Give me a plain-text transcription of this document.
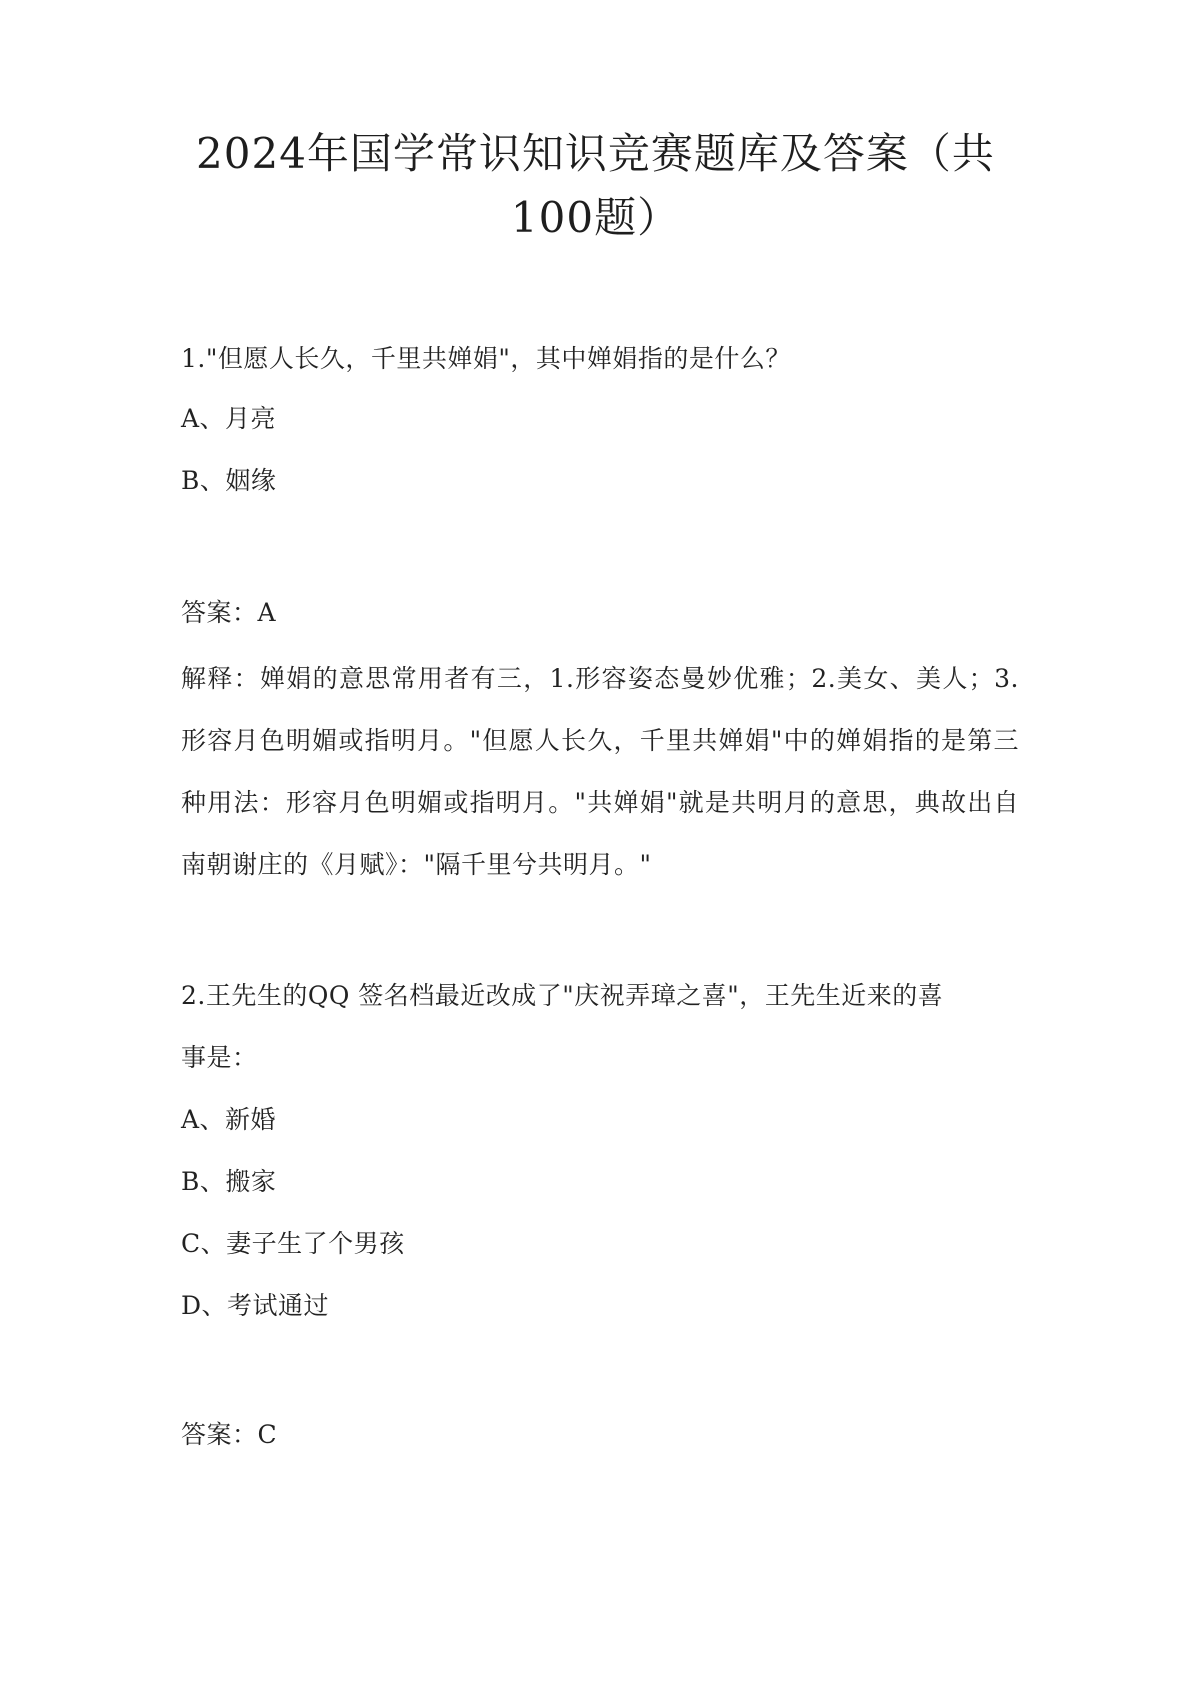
2024年国学常识知识竞赛题库及答案（共
100题）

1."但愿人长久，千里共婵娟"，其中婵娟指的是什么？

A、月亮

B、姻缘

答案：A

解释：婵娟的意思常用者有三，1.形容姿态曼妙优雅；2.美女、美人；3.形容月色明媚或指明月。"但愿人长久，千里共婵娟"中的婵娟指的是第三种用法：形容月色明媚或指明月。"共婵娟"就是共明月的意思，典故出自南朝谢庄的《月赋》："隔千里兮共明月。"

2.王先生的QQ 签名档最近改成了"庆祝弄璋之喜"，王先生近来的喜

事是：

A、新婚

B、搬家

C、妻子生了个男孩

D、考试通过

答案：C
